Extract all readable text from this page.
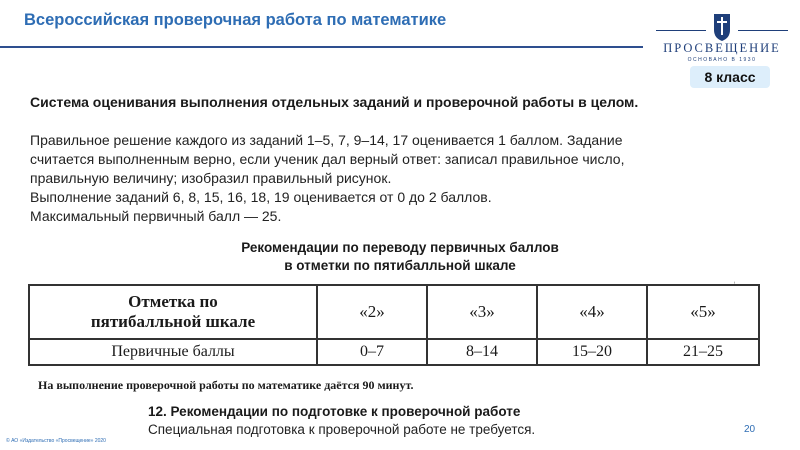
Всероссийская проверочная работа по математике
ПРОСВЕЩЕНИЕ
ОСНОВАНО В 1930
8 класс
Система оценивания выполнения отдельных заданий и проверочной работы в целом.
Правильное решение каждого из заданий 1–5, 7, 9–14, 17 оценивается 1 баллом. Задание
считается выполненным верно, если ученик дал верный ответ: записал правильное число,
правильную величину; изобразил правильный рисунок.
Выполнение заданий 6, 8, 15, 16, 18, 19 оценивается от 0 до 2 баллов.
Максимальный первичный балл — 25.
Рекомендации по переводу первичных баллов
в отметки по пятибалльной шкале
˒
Отметка по
пятибалльной шкале	«2»	«3»	«4»	«5»
Первичные баллы	0–7	8–14	15–20	21–25
На выполнение проверочной работы по математике даётся 90 минут.
12. Рекомендации по подготовке к проверочной работе
Специальная подготовка к проверочной работе не требуется.	20
© АО «Издательство «Просвещение» 2020
